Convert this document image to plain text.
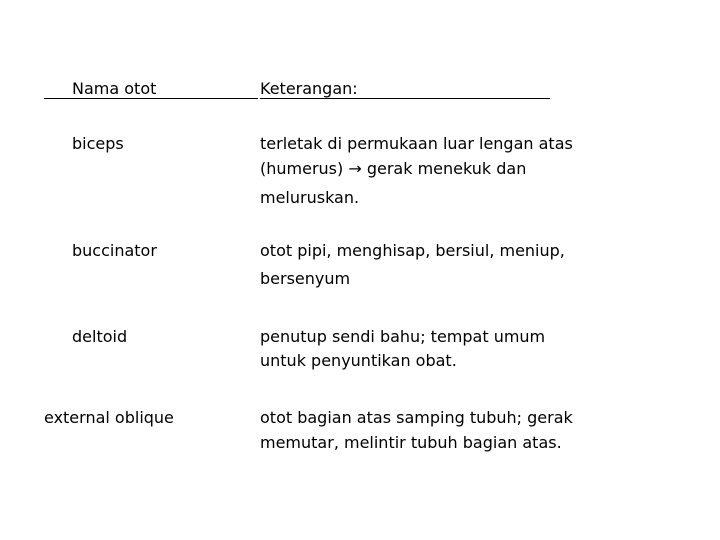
Nama otot	Keterangan:
biceps	terletak di permukaan luar lengan atas
(humerus) → gerak menekuk dan
meluruskan.
buccinator	otot pipi, menghisap, bersiul, meniup,
bersenyum
deltoid	penutup sendi bahu; tempat umum
untuk penyuntikan obat.
external oblique	otot bagian atas samping tubuh; gerak
memutar, melintir tubuh bagian atas.
